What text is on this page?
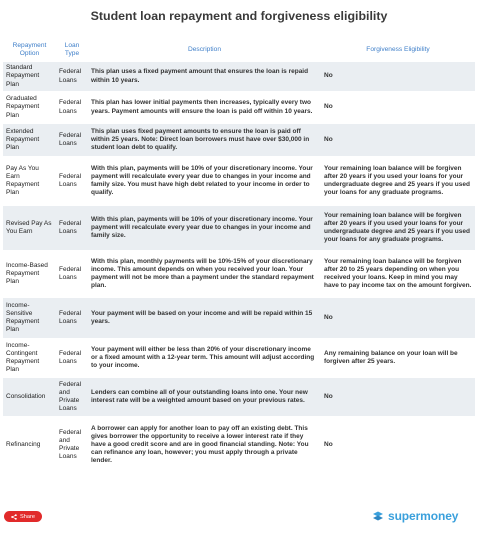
Student loan repayment and forgiveness eligibility
Repayment Option	Loan Type	Description	Forgiveness Eligibility
Standard Repayment Plan	Federal Loans	This plan uses a fixed payment amount that ensures the loan is repaid within 10 years.	No
Graduated Repayment Plan	Federal Loans	This plan has lower initial payments then increases, typically every two years. Payment amounts will ensure the loan is paid off within 10 years.	No
Extended Repayment Plan	Federal Loans	This plan uses fixed payment amounts to ensure the loan is paid off within 25 years. Note: Direct loan borrowers must have over $30,000 in student loan debt to qualify.	No
Pay As You Earn Repayment Plan	Federal Loans	With this plan, payments will be 10% of your discretionary income. Your payment will recalculate every year due to changes in your income and family size. You must have high debt related to your income in order to qualify.	Your remaining loan balance will be forgiven after 20 years if you used your loans for your undergraduate degree and 25 years if you used your loans for any graduate programs.
Revised Pay As You Earn	Federal Loans	With this plan, payments will be 10% of your discretionary income. Your payment will recalculate every year due to changes in your income and family size.	Your remaining loan balance will be forgiven after 20 years if you used your loans for your undergraduate degree and 25 years if you used your loans for any graduate programs.
Income-Based Repayment Plan	Federal Loans	With this plan, monthly payments will be 10%-15% of your discretionary income. This amount depends on when you received your loan. Your payment will not be more than a payment under the standard repayment plan.	Your remaining loan balance will be forgiven after 20 to 25 years depending on when you received your loans. Keep in mind you may have to pay income tax on the amount forgiven.
Income-Sensitive Repayment Plan	Federal Loans	Your payment will be based on your income and will be repaid within 15 years.	No
Income-Contingent Repayment Plan	Federal Loans	Your payment will either be less than 20% of your discretionary income or a fixed amount with a 12-year term. This amount will adjust according to your income.	Any remaining balance on your loan will be forgiven after 25 years.
Consolidation	Federal and Private Loans	Lenders can combine all of your outstanding loans into one. Your new interest rate will be a weighted amount based on your previous rates.	No
Refinancing	Federal and Private Loans	A borrower can apply for another loan to pay off an existing debt. This gives borrower the opportunity to receive a lower interest rate if they have a good credit score and are in good financial standing. Note: You can refinance any loan, however; you must apply through a private lender.	No
Share	supermoney
